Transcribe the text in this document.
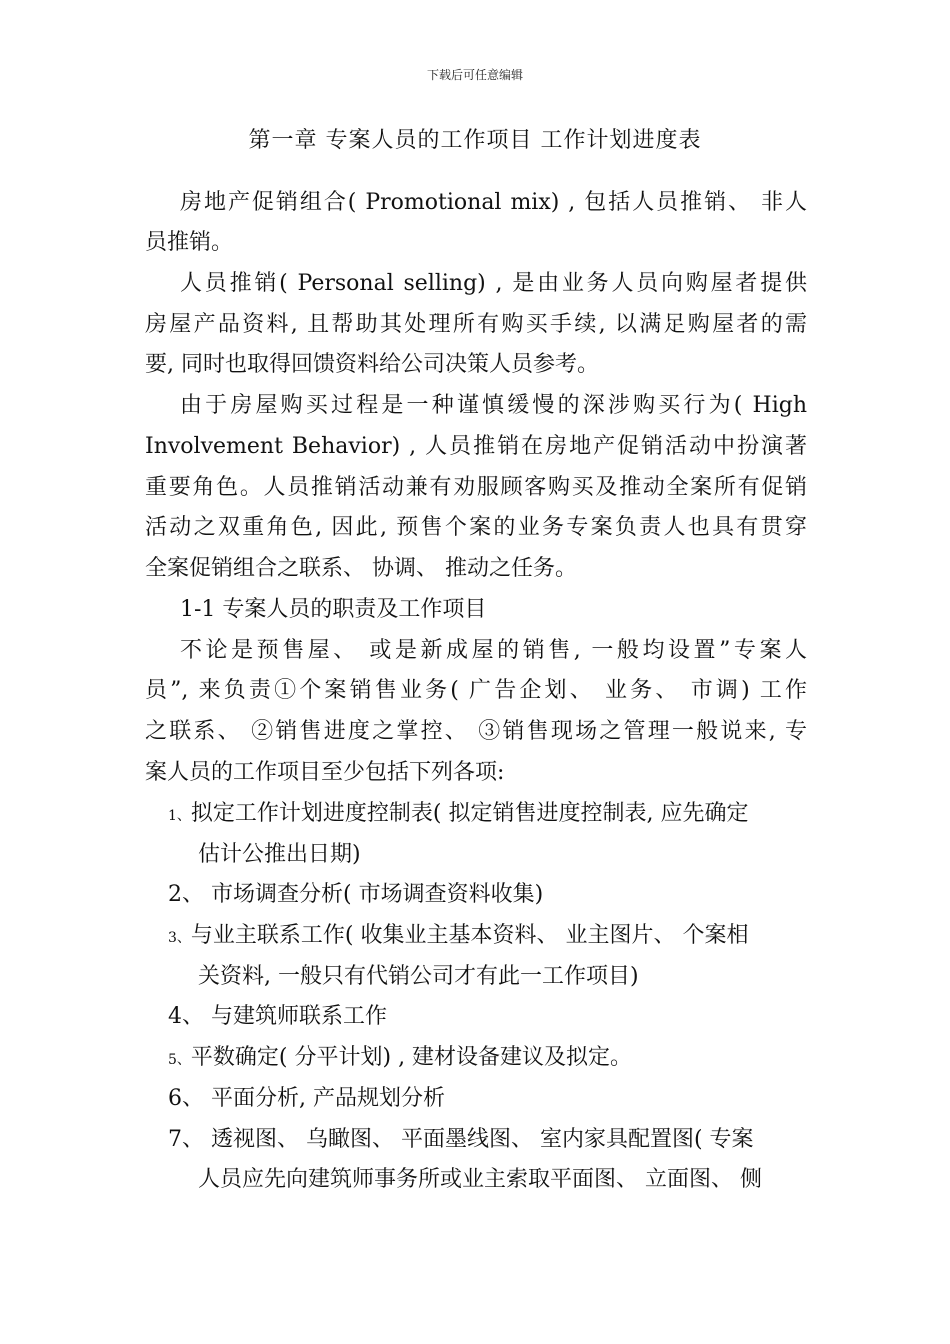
下载后可任意编辑
第一章 专案人员的工作项目 工作计划进度表
房地产促销组合( Promotional mix) , 包括人员推销、 非人
员推销。
人员推销( Personal selling) , 是由业务人员向购屋者提供
房屋产品资料, 且帮助其处理所有购买手续, 以满足购屋者的需
要, 同时也取得回馈资料给公司决策人员参考。
由于房屋购买过程是一种谨慎缓慢的深涉购买行为( High
Involvement Behavior) , 人员推销在房地产促销活动中扮演著
重要角色。人员推销活动兼有劝服顾客购买及推动全案所有促销
活动之双重角色, 因此, 预售个案的业务专案负责人也具有贯穿
全案促销组合之联系、 协调、 推动之任务。
1-1 专案人员的职责及工作项目
不论是预售屋、 或是新成屋的销售, 一般均设置”专案人
员”, 来负责①个案销售业务( 广告企划、 业务、 市调) 工作
之联系、 ②销售进度之掌控、 ③销售现场之管理一般说来, 专
案人员的工作项目至少包括下列各项:
1、拟定工作计划进度控制表( 拟定销售进度控制表, 应先确定
估计公推出日期)
2、 市场调查分析( 市场调查资料收集)
3、与业主联系工作( 收集业主基本资料、 业主图片、 个案相
关资料, 一般只有代销公司才有此一工作项目)
4、 与建筑师联系工作
5、平数确定( 分平计划) , 建材设备建议及拟定。
6、 平面分析, 产品规划分析
7、 透视图、 乌瞰图、 平面墨线图、 室内家具配置图( 专案
人员应先向建筑师事务所或业主索取平面图、 立面图、 侧
